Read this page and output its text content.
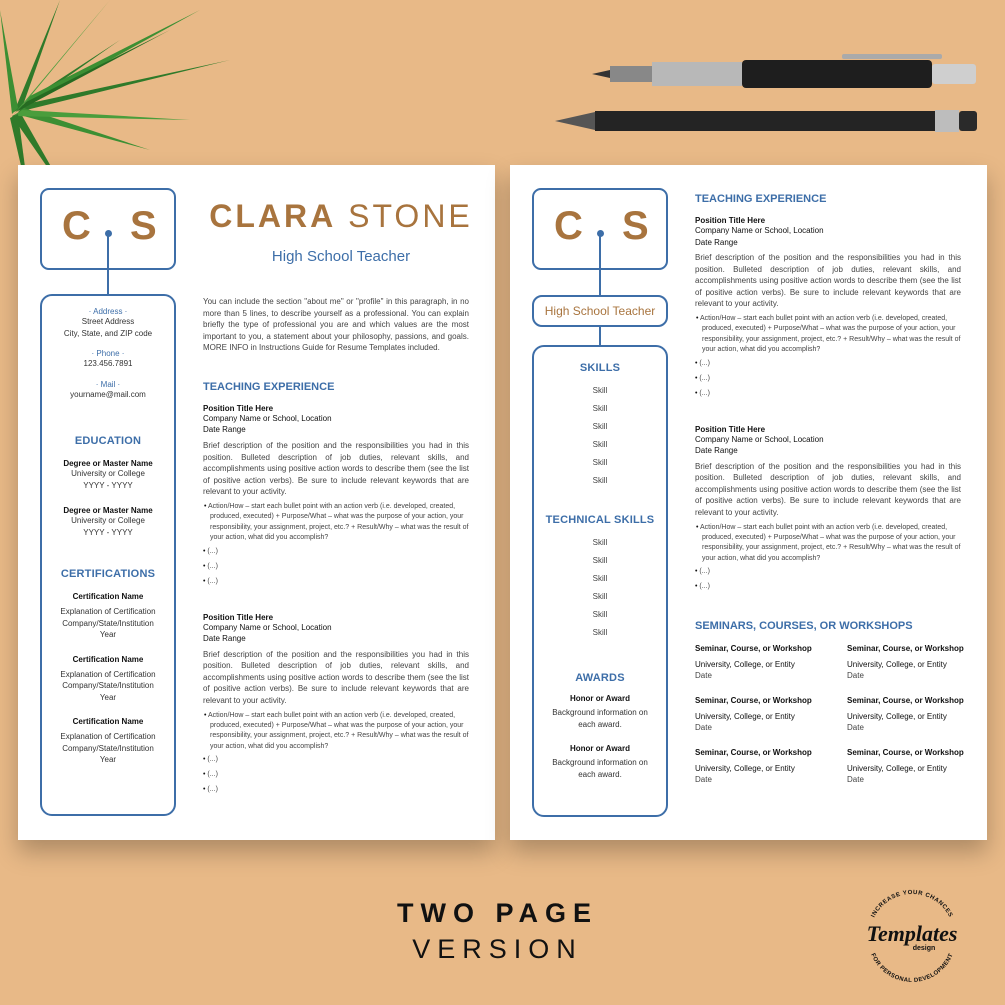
C S
· Address ·
Street Address
City, State, and ZIP code
· Phone ·
123.456.7891
· Mail ·
yourname@mail.com
EDUCATION
Degree or Master Name
University or College
YYYY - YYYY
Degree or Master Name
University or College
YYYY - YYYY
CERTIFICATIONS
Certification Name
Explanation of Certification
Company/State/Institution
Year
Certification Name
Explanation of Certification
Company/State/Institution
Year
Certification Name
Explanation of Certification
Company/State/Institution
Year
CLARA STONE
High School Teacher
You can include the section "about me" or "profile" in this paragraph, in no more than 5 lines, to describe yourself as a professional. You can explain briefly the type of professional you are and which values are the most important to you, a statement about your philosophy, passions, and goals. MORE INFO in Instructions Guide for Resume Templates included.
TEACHING EXPERIENCE
Position Title Here
Company Name or School, Location
Date Range
Brief description of the position and the responsibilities you had in this position. Bulleted description of job duties, relevant skills, and accomplishments using positive action words to describe them (see the list of positive action verbs). Be sure to include relevant keywords that are relevant to your activity.
• Action/How – start each bullet point with an action verb (i.e. developed, created, produced, executed) + Purpose/What – what was the purpose of your action, your responsibility, your assignment, project, etc.? + Result/Why – what was the result of your action, what did you accomplish?
• (...)
• (...)
• (...)
Position Title Here
Company Name or School, Location
Date Range
Brief description of the position and the responsibilities you had in this position. Bulleted description of job duties, relevant skills, and accomplishments using positive action words to describe them (see the list of positive action verbs). Be sure to include relevant keywords that are relevant to your activity.
• Action/How – start each bullet point with an action verb (i.e. developed, created, produced, executed) + Purpose/What – what was the purpose of your action, your responsibility, your assignment, project, etc.? + Result/Why – what was the result of your action, what did you accomplish?
• (...)
• (...)
• (...)
C S
High School Teacher
SKILLS
Skill
Skill
Skill
Skill
Skill
Skill
TECHNICAL SKILLS
Skill
Skill
Skill
Skill
Skill
Skill
AWARDS
Honor or Award
Background information on
each award.
Honor or Award
Background information on
each award.
TEACHING EXPERIENCE
Position Title Here
Company Name or School, Location
Date Range
Brief description of the position and the responsibilities you had in this position. Bulleted description of job duties, relevant skills, and accomplishments using positive action words to describe them (see the list of positive action verbs). Be sure to include relevant keywords that are relevant to your activity.
• Action/How – start each bullet point with an action verb (i.e. developed, created, produced, executed) + Purpose/What – what was the purpose of your action, your responsibility, your assignment, project, etc.? + Result/Why – what was the result of your action, what did you accomplish?
• (...)
• (...)
• (...)
Position Title Here
Company Name or School, Location
Date Range
Brief description of the position and the responsibilities you had in this position. Bulleted description of job duties, relevant skills, and accomplishments using positive action words to describe them (see the list of positive action verbs). Be sure to include relevant keywords that are relevant to your activity.
• Action/How – start each bullet point with an action verb (i.e. developed, created, produced, executed) + Purpose/What – what was the purpose of your action, your responsibility, your assignment, project, etc.? + Result/Why – what was the result of your action, what did you accomplish?
• (...)
• (...)
SEMINARS, COURSES, OR WORKSHOPS
Seminar, Course, or Workshop
University, College, or Entity
Date
Seminar, Course, or Workshop
University, College, or Entity
Date
Seminar, Course, or Workshop
University, College, or Entity
Date
Seminar, Course, or Workshop
University, College, or Entity
Date
Seminar, Course, or Workshop
University, College, or Entity
Date
Seminar, Course, or Workshop
University, College, or Entity
Date
TWO PAGE
VERSION
INCREASE YOUR CHANCES
FOR PERSONAL DEVELOPMENT
Templates
design
